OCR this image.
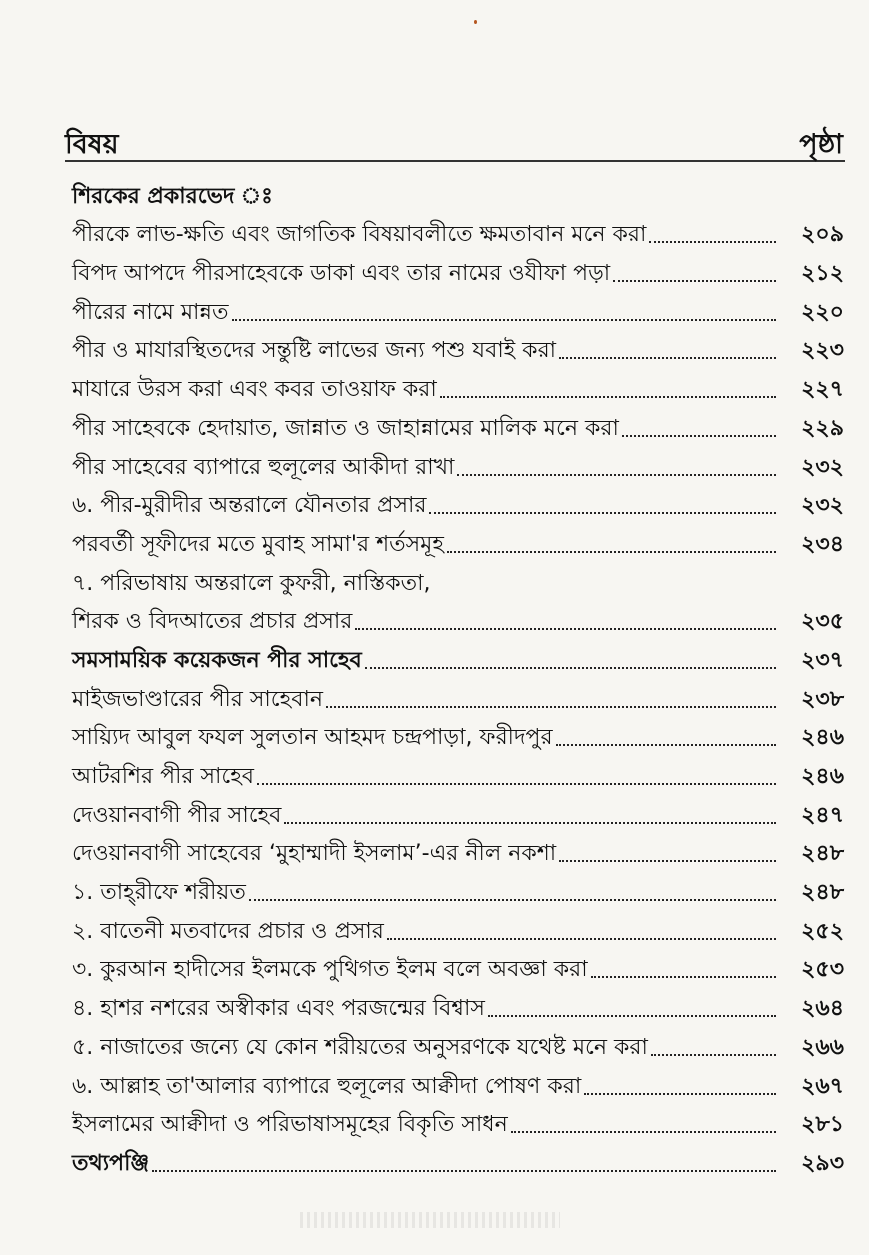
বিষয়	পৃষ্ঠা
শিরকের প্রকারভেদ ঃ
পীরকে লাভ-ক্ষতি এবং জাগতিক বিষয়াবলীতে ক্ষমতাবান মনে করা	২০৯
বিপদ আপদে পীরসাহেবকে ডাকা এবং তার নামের ওযীফা পড়া	২১২
পীরের নামে মান্নত	২২০
পীর ও মাযারস্থিতদের সন্তুষ্টি লাভের জন্য পশু যবাই করা	২২৩
মাযারে উরস করা এবং কবর তাওয়াফ করা	২২৭
পীর সাহেবকে হেদায়াত, জান্নাত ও জাহান্নামের মালিক মনে করা	২২৯
পীর সাহেবের ব্যাপারে হুলূলের আকীদা রাখা	২৩২
৬. পীর-মুরীদীর অন্তরালে যৌনতার প্রসার	২৩২
পরবর্তী সূফীদের মতে মুবাহ সামা'র শর্তসমূহ	২৩৪
৭. পরিভাষায় অন্তরালে কুফরী, নাস্তিকতা,
শিরক ও বিদআতের প্রচার প্রসার	২৩৫
সমসাময়িক কয়েকজন পীর সাহেব	২৩৭
মাইজভাণ্ডারের পীর সাহেবান	২৩৮
সায়্যিদ আবুল ফযল সুলতান আহমদ চন্দ্রপাড়া, ফরীদপুর	২৪৬
আটরশির পীর সাহেব	২৪৬
দেওয়ানবাগী পীর সাহেব	২৪৭
দেওয়ানবাগী সাহেবের ‘মুহাম্মাদী ইসলাম’-এর নীল নকশা	২৪৮
১. তাহ্‌রীফে শরীয়ত	২৪৮
২. বাতেনী মতবাদের প্রচার ও প্রসার	২৫২
৩. কুরআন হাদীসের ইলমকে পুথিগত ইলম বলে অবজ্ঞা করা	২৫৩
৪. হাশর নশরের অস্বীকার এবং পরজন্মের বিশ্বাস	২৬৪
৫. নাজাতের জন্যে যে কোন শরীয়তের অনুসরণকে যথেষ্ট মনে করা	২৬৬
৬. আল্লাহ তা'আলার ব্যাপারে হুলূলের আক্বীদা পোষণ করা	২৬৭
ইসলামের আক্বীদা ও পরিভাষাসমূহের বিকৃতি সাধন	২৮১
তথ্যপঞ্জি	২৯৩
